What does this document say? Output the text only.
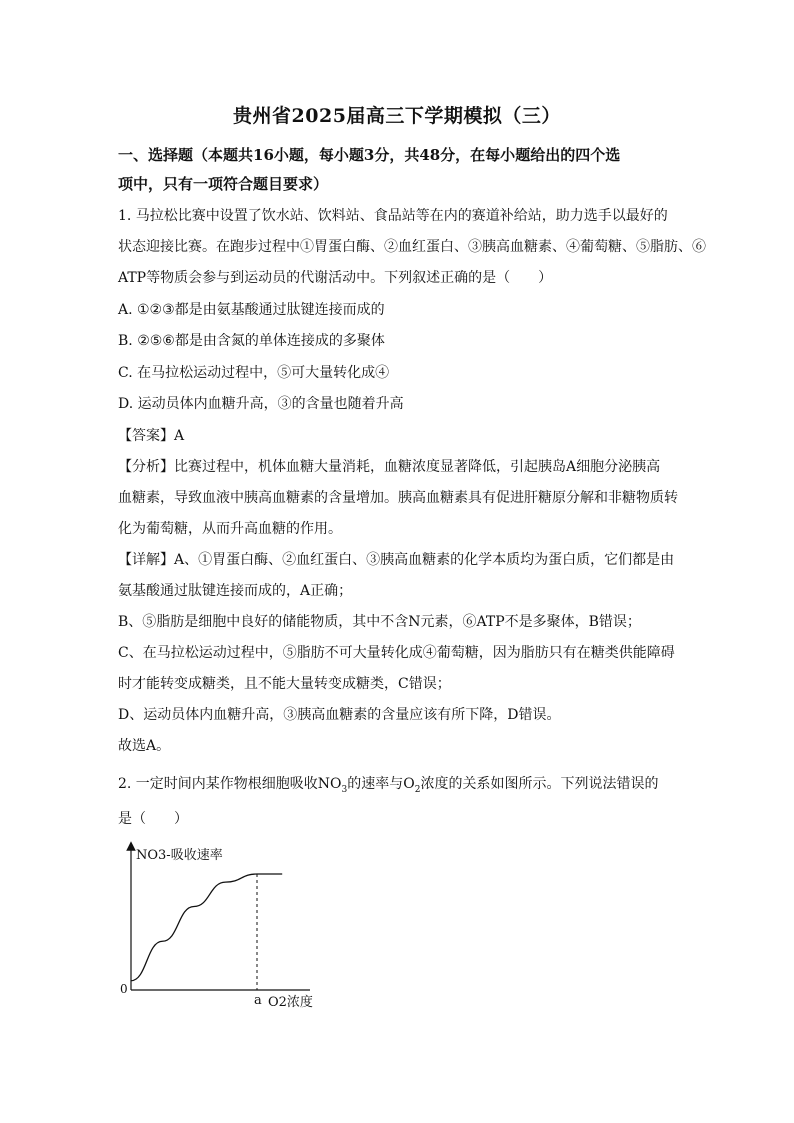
贵州省2025届高三下学期模拟（三）
一、选择题（本题共16小题，每小题3分，共48分，在每小题给出的四个选
项中，只有一项符合题目要求）
1. 马拉松比赛中设置了饮水站、饮料站、食品站等在内的赛道补给站，助力选手以最好的
状态迎接比赛。在跑步过程中①胃蛋白酶、②血红蛋白、③胰高血糖素、④葡萄糖、⑤脂肪、⑥
ATP等物质会参与到运动员的代谢活动中。下列叙述正确的是（　　）
A. ①②③都是由氨基酸通过肽键连接而成的
B. ②⑤⑥都是由含氮的单体连接成的多聚体
C. 在马拉松运动过程中，⑤可大量转化成④
D. 运动员体内血糖升高，③的含量也随着升高
【答案】A
【分析】比赛过程中，机体血糖大量消耗，血糖浓度显著降低，引起胰岛A细胞分泌胰高
血糖素，导致血液中胰高血糖素的含量增加。胰高血糖素具有促进肝糖原分解和非糖物质转
化为葡萄糖，从而升高血糖的作用。
【详解】A、①胃蛋白酶、②血红蛋白、③胰高血糖素的化学本质均为蛋白质，它们都是由
氨基酸通过肽键连接而成的，A正确；
B、⑤脂肪是细胞中良好的储能物质，其中不含N元素，⑥ATP不是多聚体，B错误；
C、在马拉松运动过程中，⑤脂肪不可大量转化成④葡萄糖，因为脂肪只有在糖类供能障碍
时才能转变成糖类，且不能大量转变成糖类，C错误；
D、运动员体内血糖升高，③胰高血糖素的含量应该有所下降，D错误。
故选A。
2. 一定时间内某作物根细胞吸收$NO_3$的速率与$O_2$浓度的关系如图所示。下列说法错误的
是（　　）
NO3-吸收速率
0
a O2浓度
